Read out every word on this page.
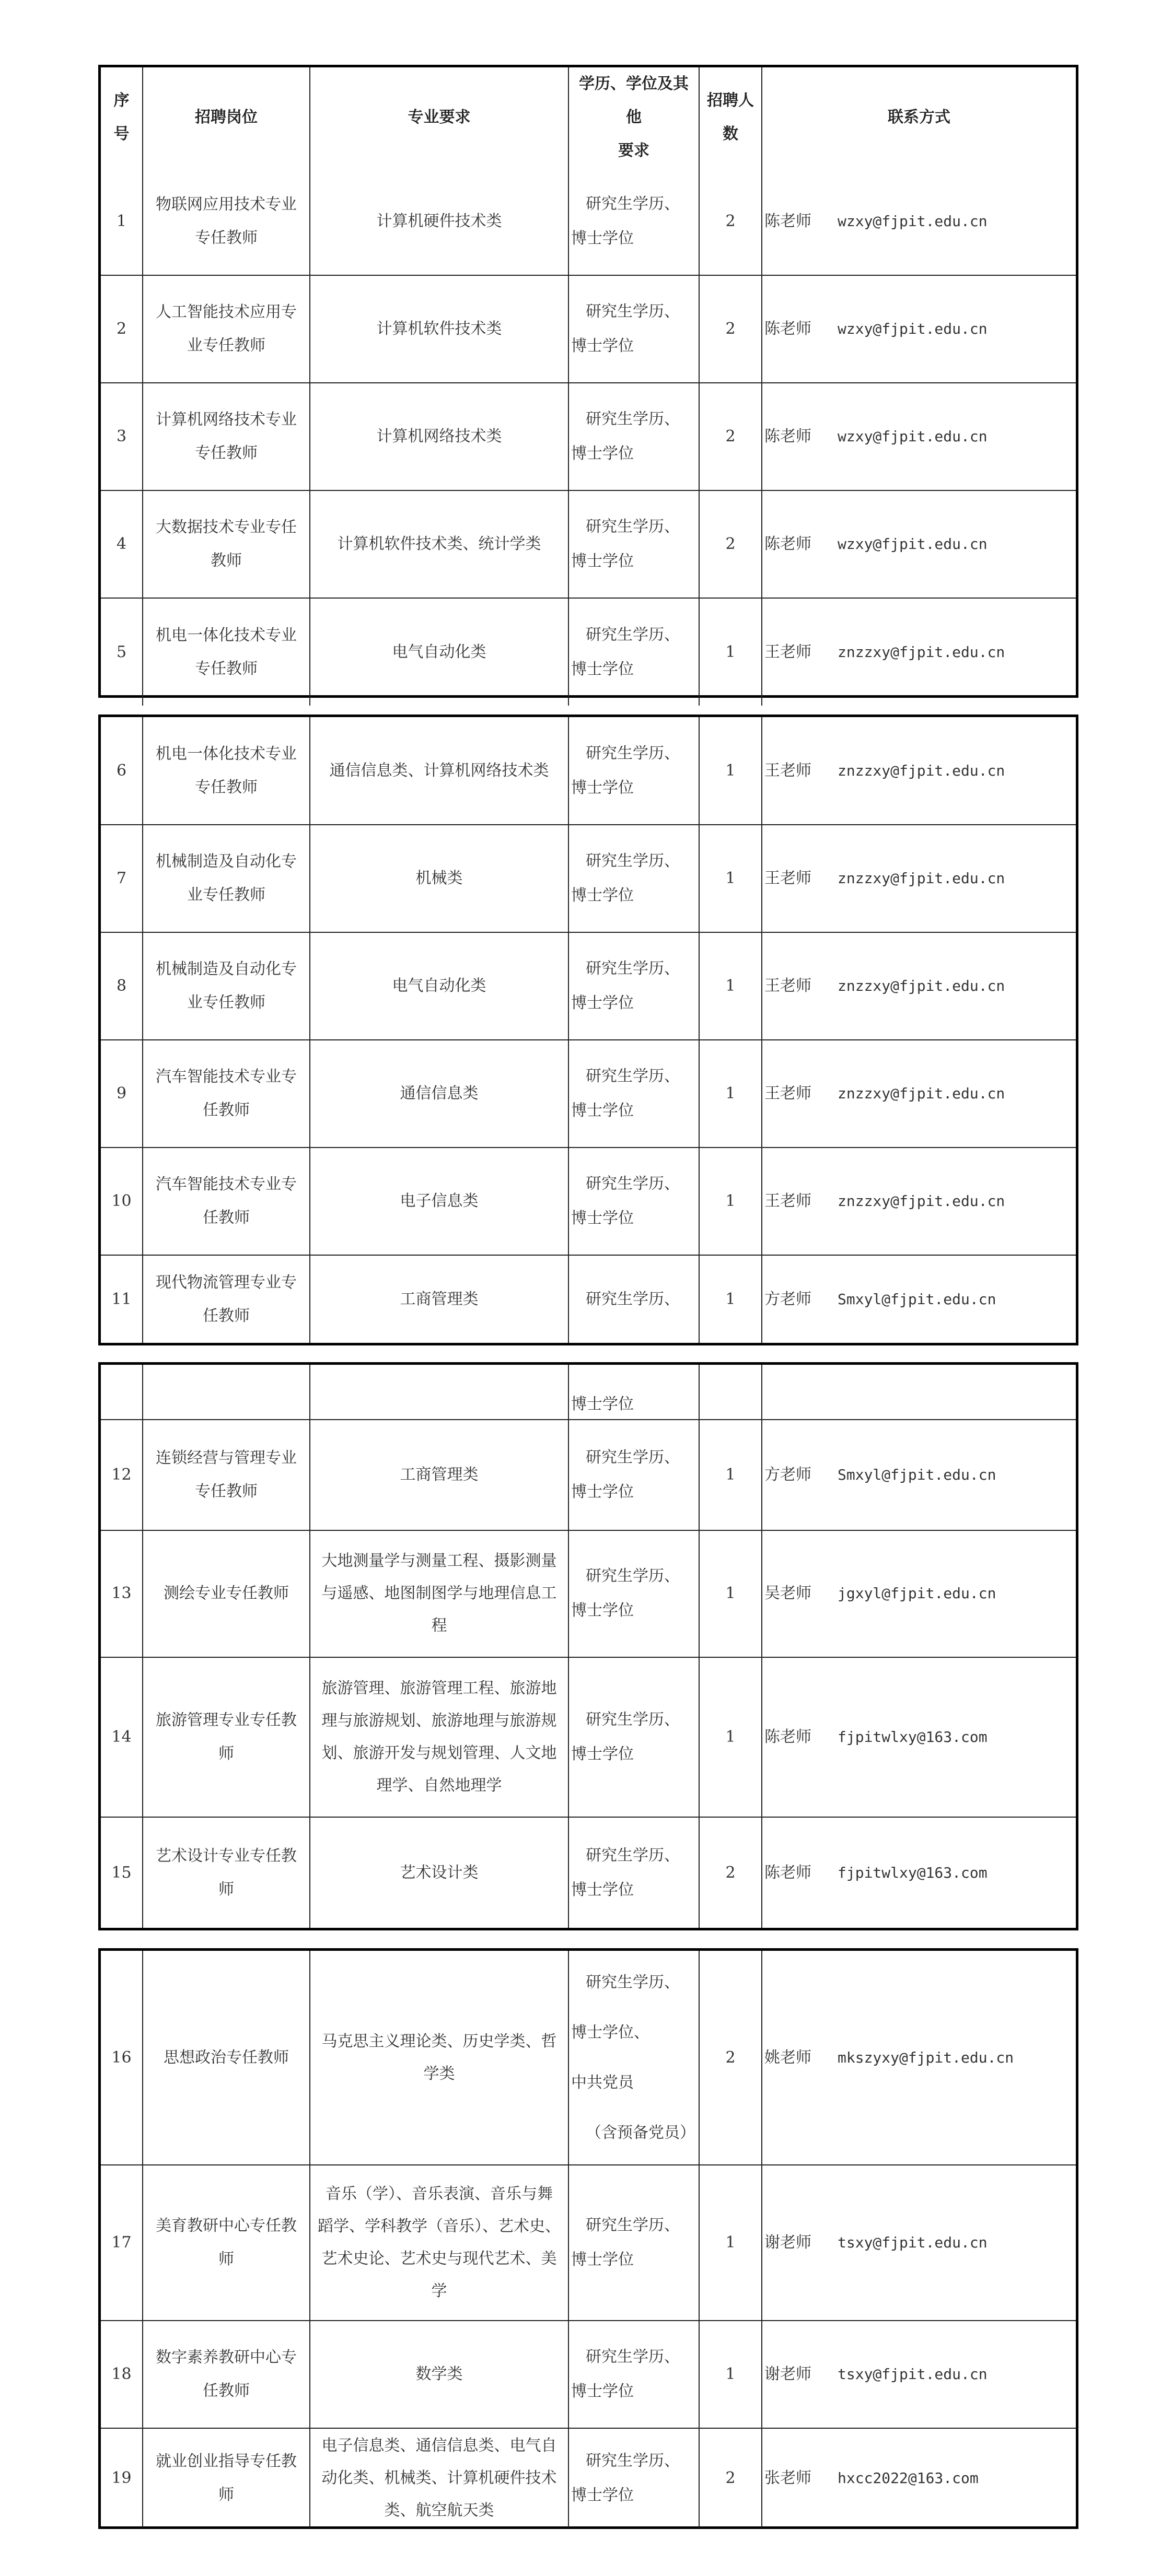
序号	招聘岗位	专业要求	学历、学位及其他
要求	招聘人
数	联系方式
1	物联网应用技术专业
专任教师	计算机硬件技术类	研究生学历、
博士学位	2	陈老师 wzxy@fjpit.edu.cn
2	人工智能技术应用专
业专任教师	计算机软件技术类	研究生学历、
博士学位	2	陈老师 wzxy@fjpit.edu.cn
3	计算机网络技术专业
专任教师	计算机网络技术类	研究生学历、
博士学位	2	陈老师 wzxy@fjpit.edu.cn
4	大数据技术专业专任
教师	计算机软件技术类、统计学类	研究生学历、
博士学位	2	陈老师 wzxy@fjpit.edu.cn
5	机电一体化技术专业
专任教师	电气自动化类	研究生学历、
博士学位	1	王老师 znzzxy@fjpit.edu.cn
6	机电一体化技术专业
专任教师	通信信息类、计算机网络技术类	研究生学历、
博士学位	1	王老师 znzzxy@fjpit.edu.cn
7	机械制造及自动化专
业专任教师	机械类	研究生学历、
博士学位	1	王老师 znzzxy@fjpit.edu.cn
8	机械制造及自动化专
业专任教师	电气自动化类	研究生学历、
博士学位	1	王老师 znzzxy@fjpit.edu.cn
9	汽车智能技术专业专
任教师	通信信息类	研究生学历、
博士学位	1	王老师 znzzxy@fjpit.edu.cn
10	汽车智能技术专业专
任教师	电子信息类	研究生学历、
博士学位	1	王老师 znzzxy@fjpit.edu.cn
11	现代物流管理专业专
任教师	工商管理类	研究生学历、	1	方老师 Smxyl@fjpit.edu.cn

			博士学位		

12	连锁经营与管理专业
专任教师	工商管理类	研究生学历、
博士学位	1	方老师 Smxyl@fjpit.edu.cn
13	测绘专业专任教师	大地测量学与测量工程、摄影测量
与遥感、地图制图学与地理信息工
程	研究生学历、
博士学位	1	吴老师 jgxyl@fjpit.edu.cn
14	旅游管理专业专任教
师	旅游管理、旅游管理工程、旅游地
理与旅游规划、旅游地理与旅游规
划、旅游开发与规划管理、人文地
理学、自然地理学	研究生学历、
博士学位	1	陈老师 fjpitwlxy@163.com
15	艺术设计专业专任教
师	艺术设计类	研究生学历、
博士学位	2	陈老师 fjpitwlxy@163.com
16	思想政治专任教师	马克思主义理论类、历史学类、哲
学类	研究生学历、
博士学位、
中共党员
（含预备党员）	2	姚老师 mkszyxy@fjpit.edu.cn
17	美育教研中心专任教
师	音乐（学）、音乐表演、音乐与舞
蹈学、学科教学（音乐）、艺术史、
艺术史论、艺术史与现代艺术、美
学	研究生学历、
博士学位	1	谢老师 tsxy@fjpit.edu.cn
18	数字素养教研中心专
任教师	数学类	研究生学历、
博士学位	1	谢老师 tsxy@fjpit.edu.cn
19	就业创业指导专任教
师	电子信息类、通信信息类、电气自
动化类、机械类、计算机硬件技术
类、航空航天类	研究生学历、
博士学位	2	张老师 hxcc2022@163.com
